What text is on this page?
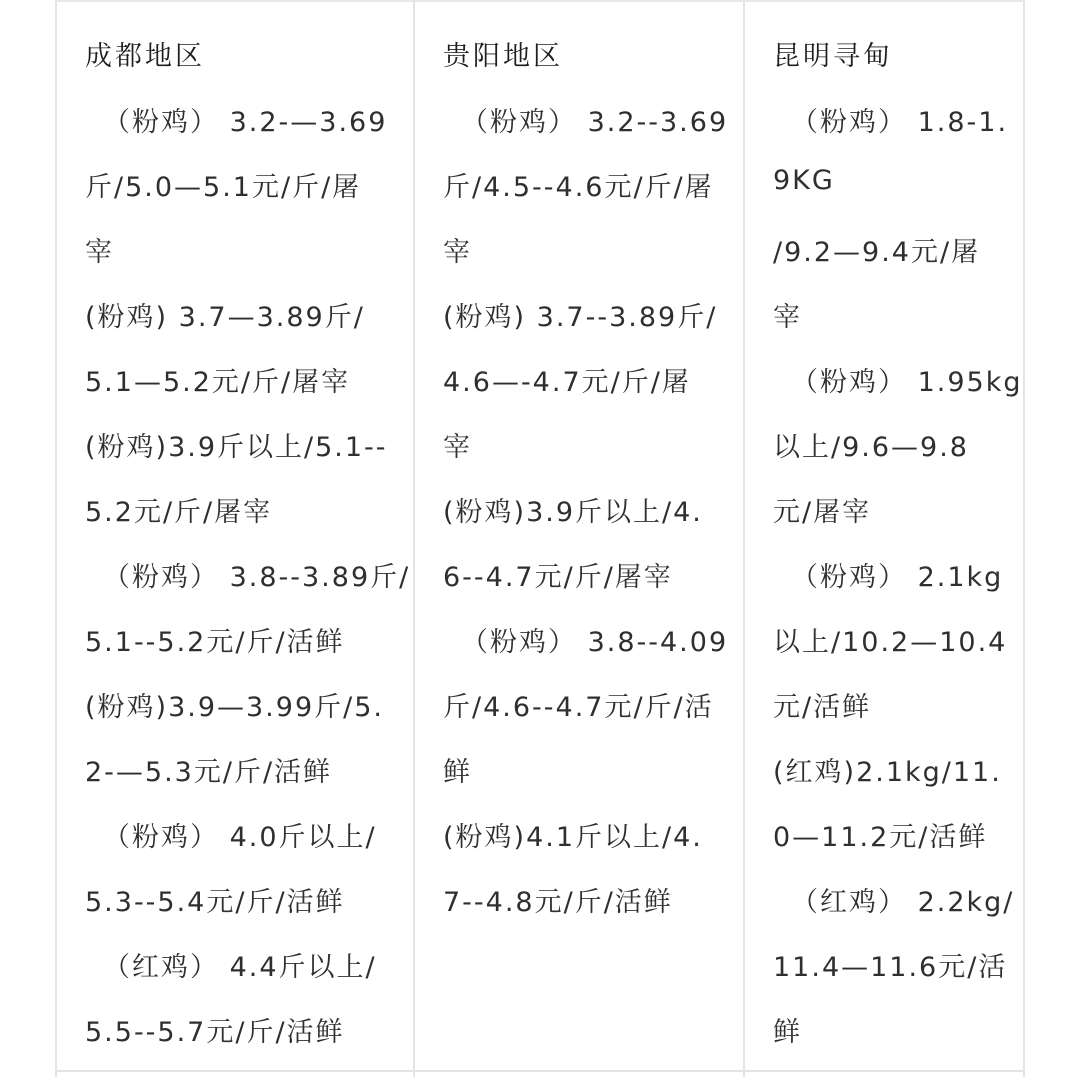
成都地区
（粉鸡） 3.2-—3.69
斤/5.0—5.1元/斤/屠
宰
(粉鸡) 3.7—3.89斤/
5.1—5.2元/斤/屠宰
(粉鸡)3.9斤以上/5.1--
5.2元/斤/屠宰
（粉鸡） 3.8--3.89斤/
5.1--5.2元/斤/活鲜
(粉鸡)3.9—3.99斤/5.
2-—5.3元/斤/活鲜
（粉鸡） 4.0斤以上/
5.3--5.4元/斤/活鲜
（红鸡） 4.4斤以上/
5.5--5.7元/斤/活鲜
贵阳地区
（粉鸡） 3.2--3.69
斤/4.5--4.6元/斤/屠
宰
(粉鸡) 3.7--3.89斤/
4.6—-4.7元/斤/屠
宰
(粉鸡)3.9斤以上/4.
6--4.7元/斤/屠宰
（粉鸡） 3.8--4.09
斤/4.6--4.7元/斤/活
鲜
(粉鸡)4.1斤以上/4.
7--4.8元/斤/活鲜
昆明寻甸
（粉鸡） 1.8-1.
9KG
/9.2—9.4元/屠
宰
（粉鸡） 1.95kg
以上/9.6—9.8
元/屠宰
（粉鸡） 2.1kg
以上/10.2—10.4
元/活鲜
(红鸡)2.1kg/11.
0—11.2元/活鲜
（红鸡） 2.2kg/
11.4—11.6元/活
鲜
